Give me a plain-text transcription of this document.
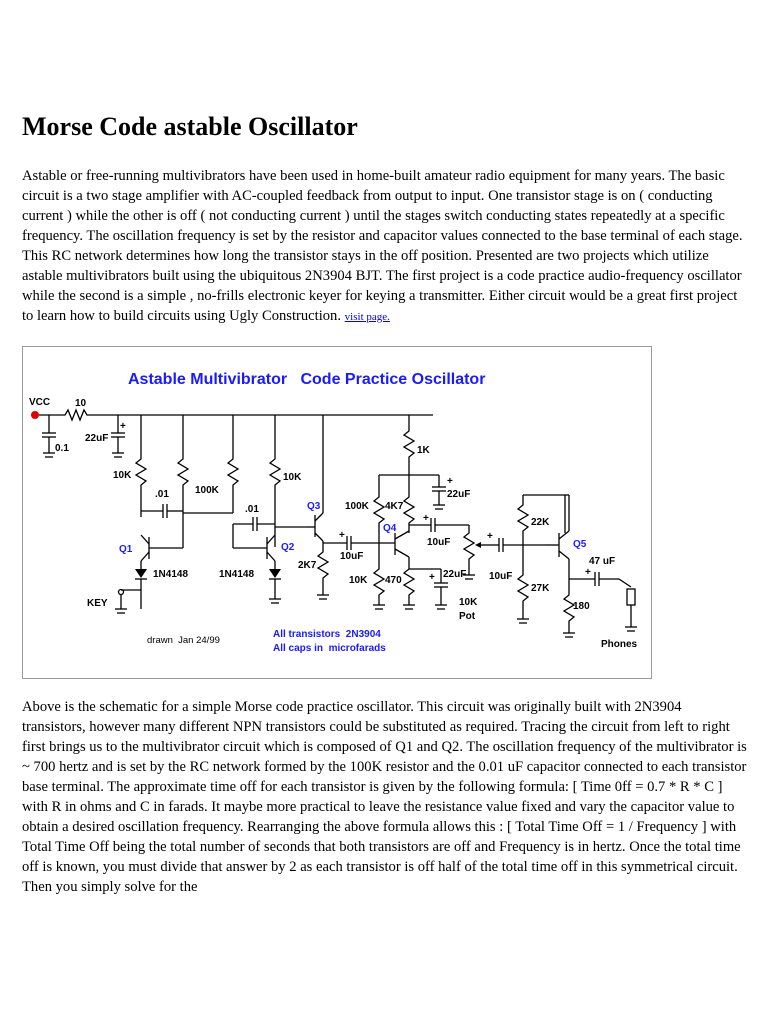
Morse Code astable Oscillator

Astable or free-running multivibrators have been used in home-built amateur radio equipment for many years. The basic circuit is a two stage amplifier with AC-coupled feedback from output to input. One transistor stage is on ( conducting current ) while the other is off ( not conducting current ) until the stages switch conducting states repeatedly at a specific frequency. The oscillation frequency is set by the resistor and capacitor values connected to the base terminal of each stage. This RC network determines how long the transistor stays in the off position. Presented are two projects which utilize astable multivibrators built using the ubiquitous 2N3904 BJT. The first project is a code practice audio-frequency oscillator while the second is a simple , no-frills electronic keyer for keying a transmitter. Either circuit would be a great first project to learn how to build circuits using Ugly Construction. visit page.

Astable Multivibrator   Code Practice Oscillator
VCC 10
0.1
22uF
+
10K
100K
10K
.01
.01
Q1
1N4148
KEY
Q2
1N4148
Q3
2K7
+
10uF
1K
+
22uF
100K 4K7
Q4
10K 470	+ 22uF
+
10uF
10K
Pot
+
10uF
22K
27K
Q5
180
+
47 uF
Phones
drawn  Jan 24/99
All transistors  2N3904
All caps in  microfarads

Above is the schematic for a simple Morse code practice oscillator. This circuit was originally built with 2N3904 transistors, however many different NPN transistors could be substituted as required. Tracing the circuit from left to right first brings us to the multivibrator circuit which is composed of Q1 and Q2. The oscillation frequency of the multivibrator is ~ 700 hertz and is set by the RC network formed by the 100K resistor and the 0.01 uF capacitor connected to each transistor base terminal. The approximate time off for each transistor is given by the following formula: [ Time 0ff = 0.7 * R * C ] with R in ohms and C in farads. It maybe more practical to leave the resistance value fixed and vary the capacitor value to obtain a desired oscillation frequency. Rearranging the above formula allows this : [ Total Time Off = 1 / Frequency ] with Total Time Off being the total number of seconds that both transistors are off and Frequency is in hertz. Once the total time off is known, you must divide that answer by 2 as each transistor is off half of the total time off in this symmetrical circuit. Then you simply solve for the
